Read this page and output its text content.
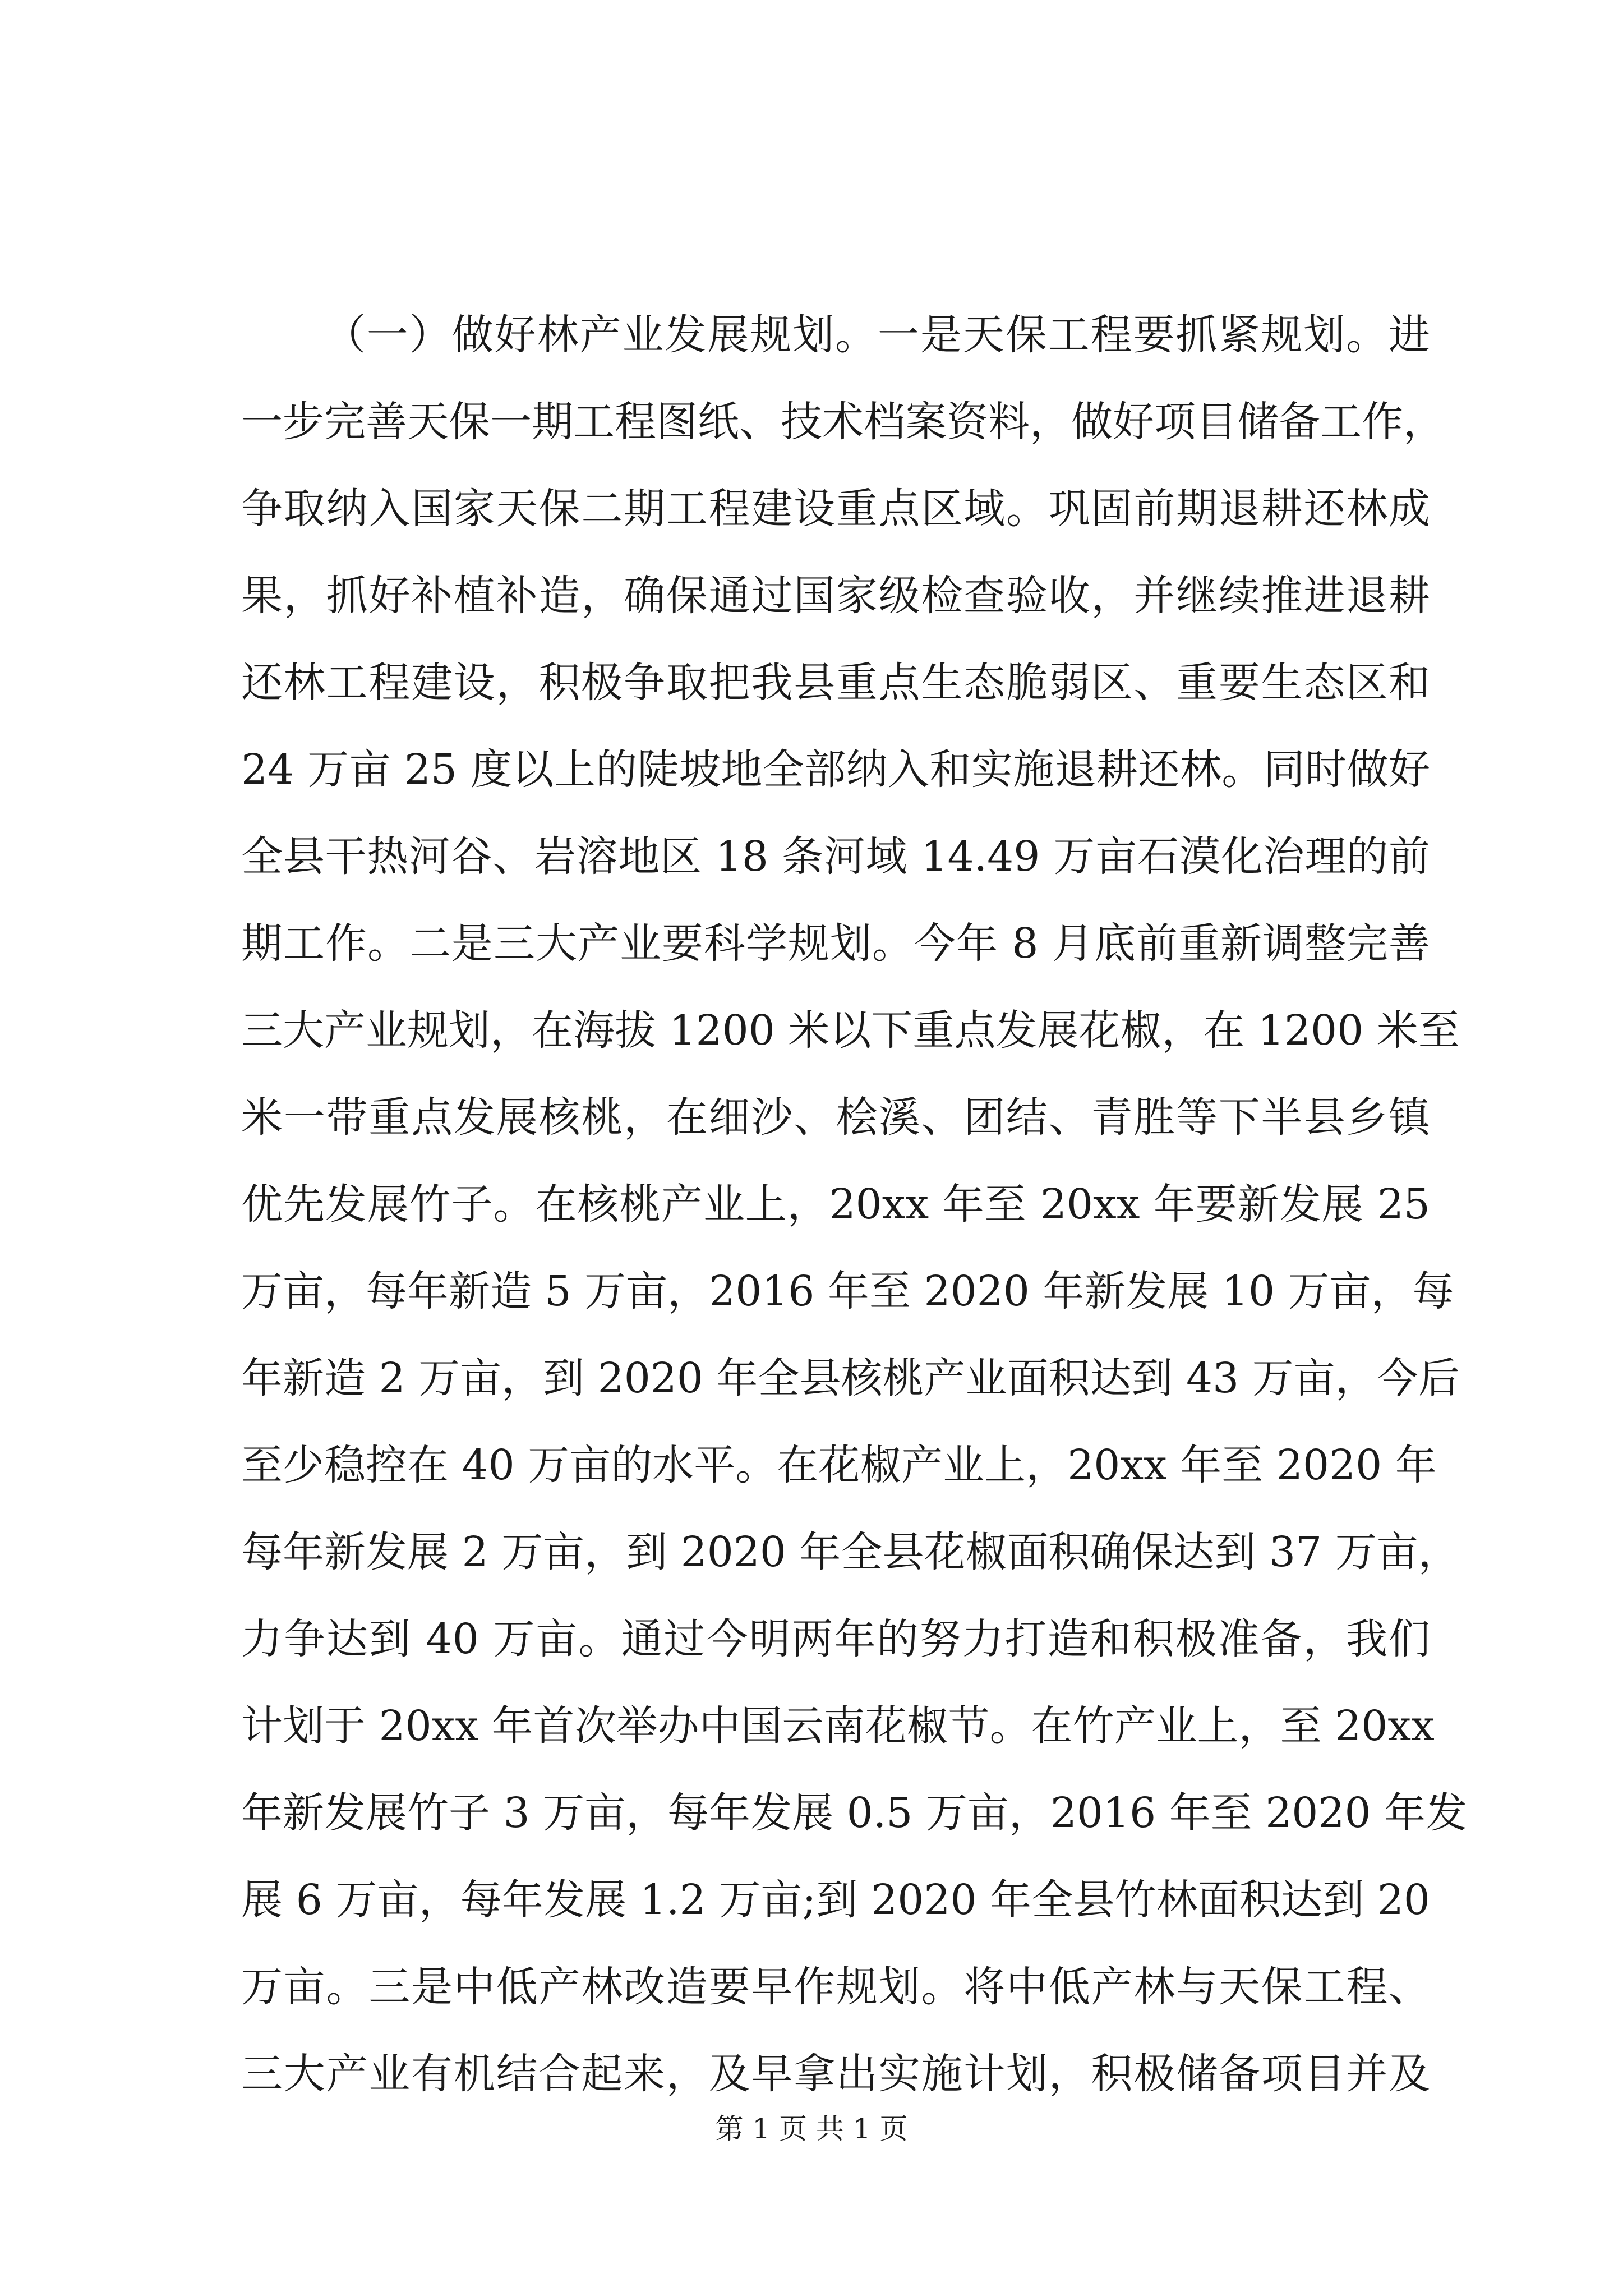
（一）做好林产业发展规划。一是天保工程要抓紧规划。进
一步完善天保一期工程图纸、技术档案资料，做好项目储备工作，
争取纳入国家天保二期工程建设重点区域。巩固前期退耕还林成
果，抓好补植补造，确保通过国家级检查验收，并继续推进退耕
还林工程建设，积极争取把我县重点生态脆弱区、重要生态区和
24 万亩 25 度以上的陡坡地全部纳入和实施退耕还林。同时做好
全县干热河谷、岩溶地区 18 条河域 14.49 万亩石漠化治理的前
期工作。二是三大产业要科学规划。今年 8 月底前重新调整完善
三大产业规划，在海拔 1200 米以下重点发展花椒，在 1200 米至
米一带重点发展核桃，在细沙、桧溪、团结、青胜等下半县乡镇
优先发展竹子。在核桃产业上，20xx 年至 20xx 年要新发展 25
万亩，每年新造 5 万亩，2016 年至 2020 年新发展 10 万亩，每
年新造 2 万亩，到 2020 年全县核桃产业面积达到 43 万亩，今后
至少稳控在 40 万亩的水平。在花椒产业上，20xx 年至 2020 年
每年新发展 2 万亩，到 2020 年全县花椒面积确保达到 37 万亩，
力争达到 40 万亩。通过今明两年的努力打造和积极准备，我们
计划于 20xx 年首次举办中国云南花椒节。在竹产业上，至 20xx
年新发展竹子 3 万亩，每年发展 0.5 万亩，2016 年至 2020 年发
展 6 万亩，每年发展 1.2 万亩;到 2020 年全县竹林面积达到 20
万亩。三是中低产林改造要早作规划。将中低产林与天保工程、
三大产业有机结合起来，及早拿出实施计划，积极储备项目并及
第 1 页 共 1 页
